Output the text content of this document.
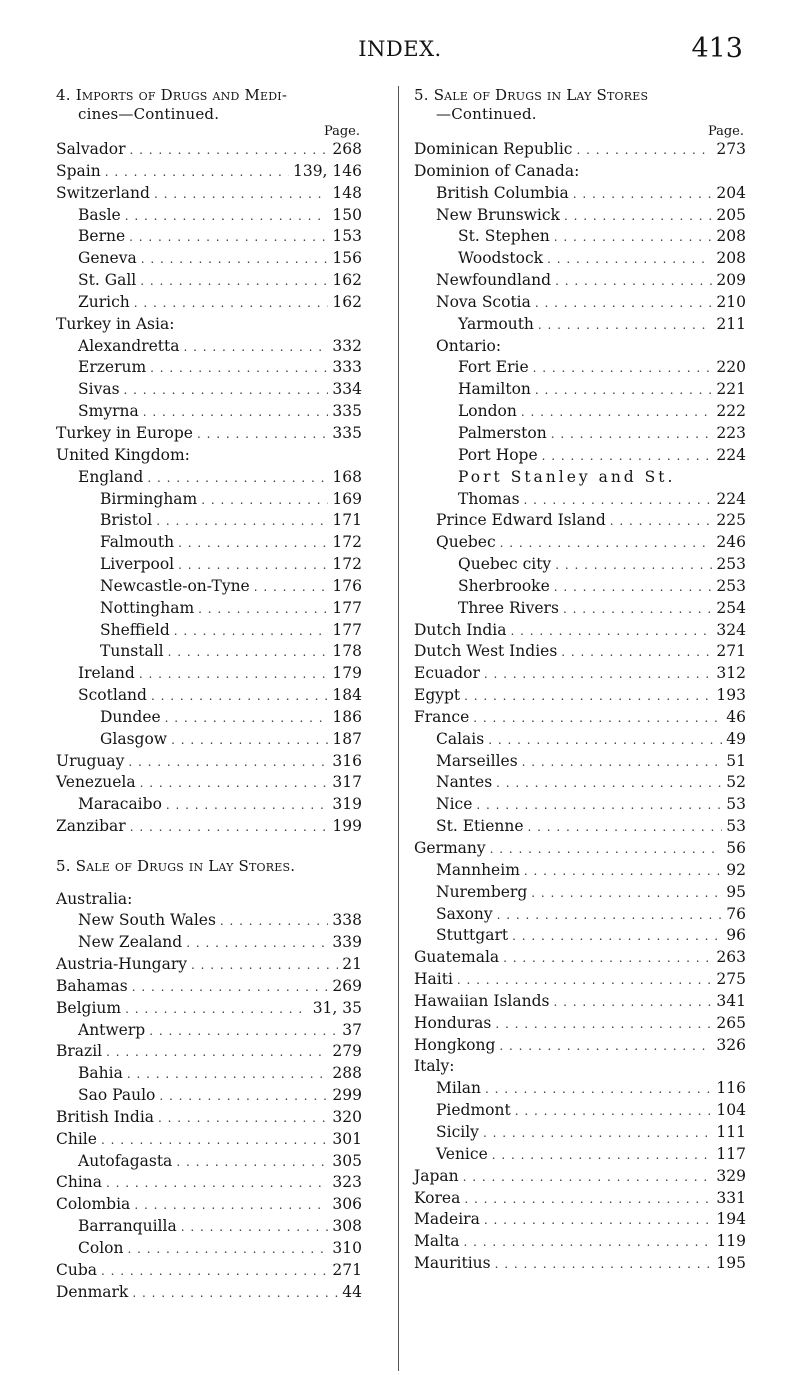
INDEX.	413
4. Imports of Drugs and Medi-
cines—Continued.
Page.
Salvador . . .	268
Spain . . .	139, 146
Switzerland . . .	148
Basle . . .	150
Berne . . .	153
Geneva . . .	156
St. Gall . . .	162
Zurich . . .	162
Turkey in Asia:
Alexandretta . . .	332
Erzerum . . .	333
Sivas . . .	334
Smyrna . . .	335
Turkey in Europe . . .	335
United Kingdom:
England . . .	168
Birmingham . . .	169
Bristol . . .	171
Falmouth . . .	172
Liverpool . . .	172
Newcastle-on-Tyne . . .	176
Nottingham . . .	177
Sheffield . . .	177
Tunstall . . .	178
Ireland . . .	179
Scotland . . .	184
Dundee . . .	186
Glasgow . . .	187
Uruguay . . .	316
Venezuela . . .	317
Maracaibo . . .	319
Zanzibar . . .	199
5. Sale of Drugs in Lay Stores.
Australia:
New South Wales . . .	338
New Zealand . . .	339
Austria-Hungary . . .	21
Bahamas . . .	269
Belgium . . .	31, 35
Antwerp . . .	37
Brazil . . .	279
Bahia . . .	288
Sao Paulo . . .	299
British India . . .	320
Chile . . .	301
Autofagasta . . .	305
China . . .	323
Colombia . . .	306
Barranquilla . . .	308
Colon . . .	310
Cuba . . .	271
Denmark . . .	44
5. Sale of Drugs in Lay Stores
—Continued.
Page.
Dominican Republic . . .	273
Dominion of Canada:
British Columbia . . .	204
New Brunswick . . .	205
St. Stephen . . .	208
Woodstock . . .	208
Newfoundland . . .	209
Nova Scotia . . .	210
Yarmouth . . .	211
Ontario:
Fort Erie . . .	220
Hamilton . . .	221
London . . .	222
Palmerston . . .	223
Port Hope . . .	224
Port Stanley and St.
Thomas . . .	224
Prince Edward Island . . .	225
Quebec . . .	246
Quebec city . . .	253
Sherbrooke . . .	253
Three Rivers . . .	254
Dutch India . . .	324
Dutch West Indies . . .	271
Ecuador . . .	312
Egypt . . .	193
France . . .	46
Calais . . .	49
Marseilles . . .	51
Nantes . . .	52
Nice . . .	53
St. Etienne . . .	53
Germany . . .	56
Mannheim . . .	92
Nuremberg . . .	95
Saxony . . .	76
Stuttgart . . .	96
Guatemala . . .	263
Haiti . . .	275
Hawaiian Islands . . .	341
Honduras . . .	265
Hongkong . . .	326
Italy:
Milan . . .	116
Piedmont . . .	104
Sicily . . .	111
Venice . . .	117
Japan . . .	329
Korea . . .	331
Madeira . . .	194
Malta . . .	119
Mauritius . . .	195
